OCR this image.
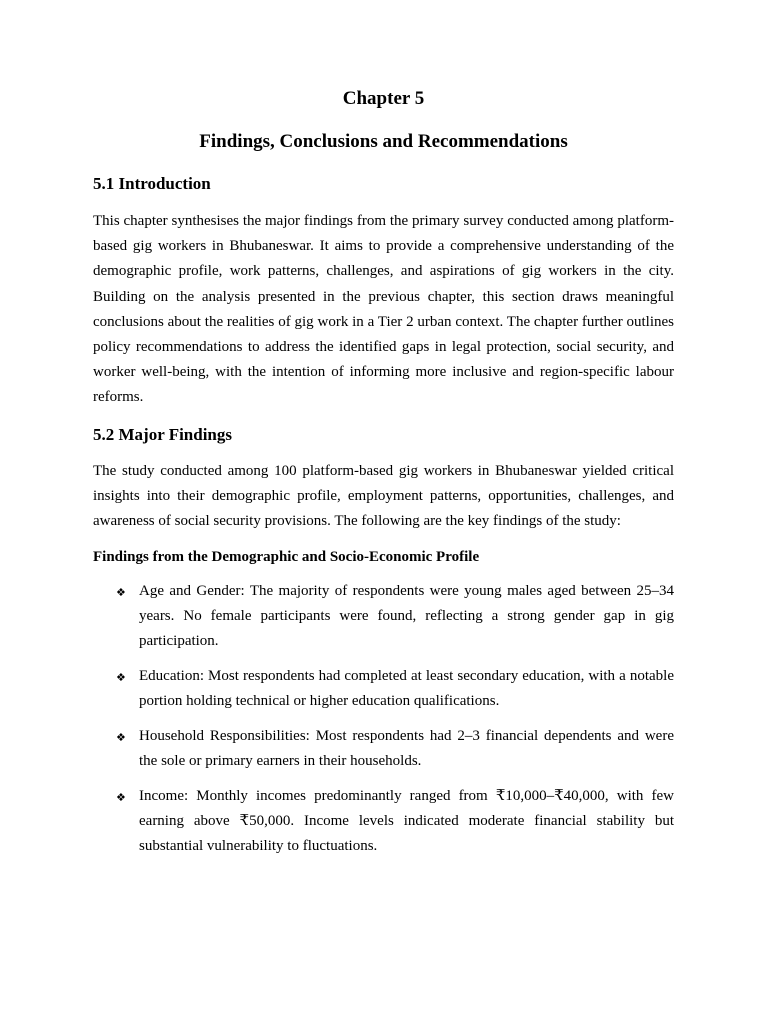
Chapter 5
Findings, Conclusions and Recommendations
5.1 Introduction

This chapter synthesises the major findings from the primary survey conducted among platform-based gig workers in Bhubaneswar. It aims to provide a comprehensive understanding of the demographic profile, work patterns, challenges, and aspirations of gig workers in the city. Building on the analysis presented in the previous chapter, this section draws meaningful conclusions about the realities of gig work in a Tier 2 urban context. The chapter further outlines policy recommendations to address the identified gaps in legal protection, social security, and worker well-being, with the intention of informing more inclusive and region-specific labour reforms.

5.2 Major Findings

The study conducted among 100 platform-based gig workers in Bhubaneswar yielded critical insights into their demographic profile, employment patterns, opportunities, challenges, and awareness of social security provisions. The following are the key findings of the study:

Findings from the Demographic and Socio-Economic Profile
❖ Age and Gender: The majority of respondents were young males aged between 25–34 years. No female participants were found, reflecting a strong gender gap in gig participation.
❖ Education: Most respondents had completed at least secondary education, with a notable portion holding technical or higher education qualifications.
❖ Household Responsibilities: Most respondents had 2–3 financial dependents and were the sole or primary earners in their households.
❖ Income: Monthly incomes predominantly ranged from ₹10,000–₹40,000, with few earning above ₹50,000. Income levels indicated moderate financial stability but substantial vulnerability to fluctuations.
